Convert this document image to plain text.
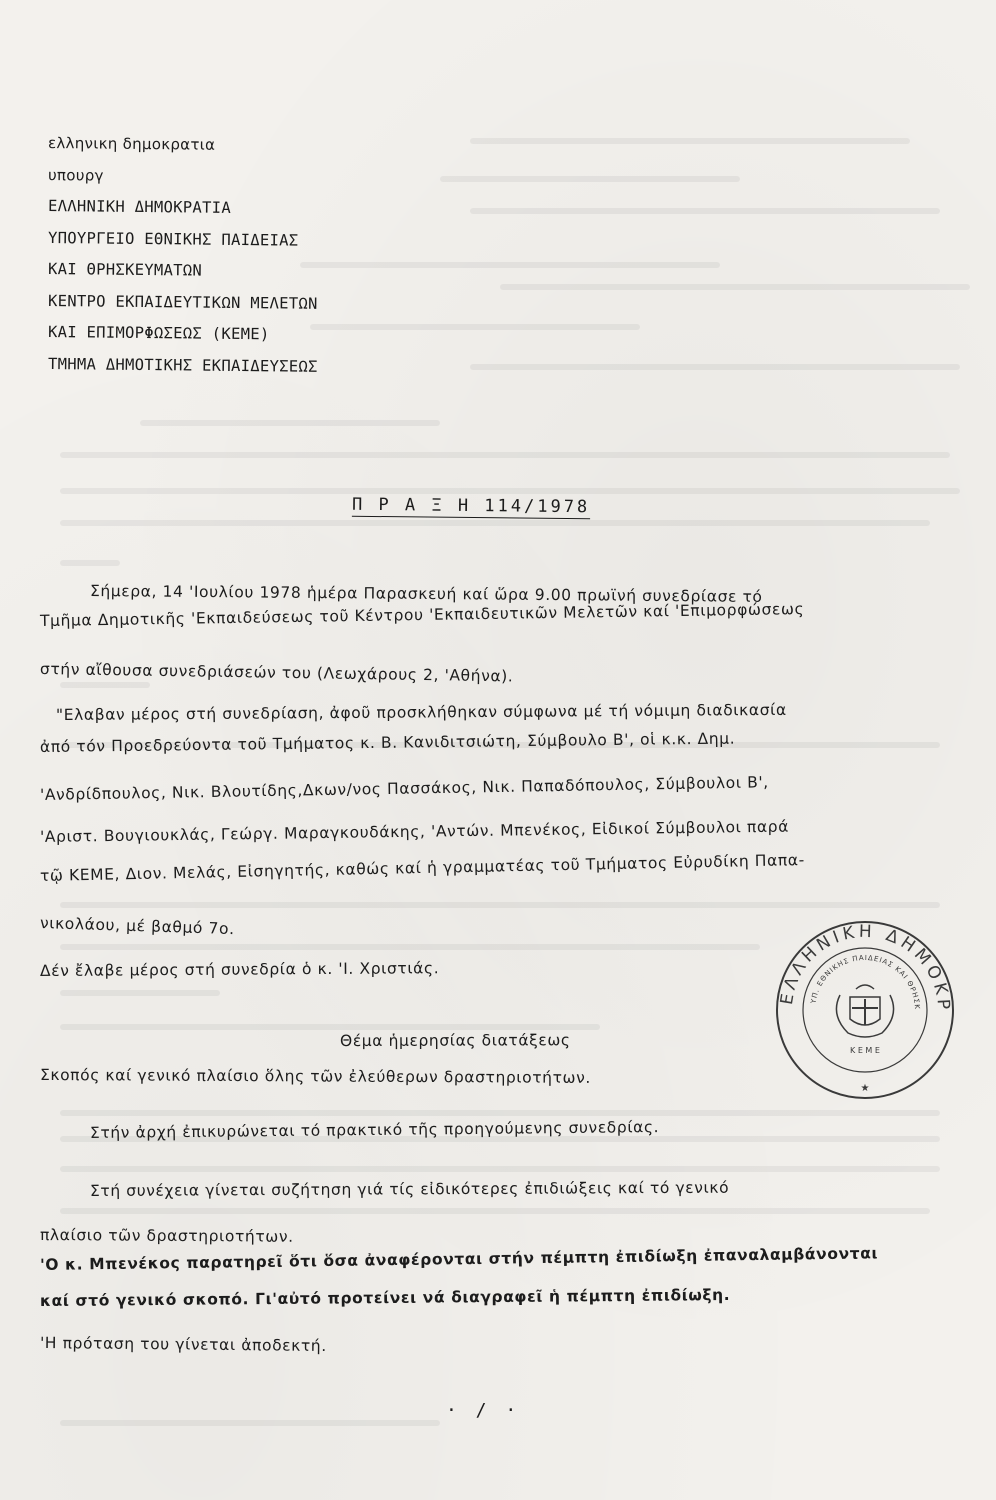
ελληνικη δημοκρατια
υπουργ
ΕΛΛΗΝΙΚΗ ΔΗΜΟΚΡΑΤΙΑ
ΥΠΟΥΡΓΕΙΟ ΕΘΝΙΚΗΣ ΠΑΙΔΕΙΑΣ
ΚΑΙ ΘΡΗΣΚΕΥΜΑΤΩΝ
ΚΕΝΤΡΟ ΕΚΠΑΙΔΕΥΤΙΚΩΝ ΜΕΛΕΤΩΝ
ΚΑΙ ΕΠΙΜΟΡΦΩΣΕΩΣ (ΚΕΜΕ)
ΤΜΗΜΑ ΔΗΜΟΤΙΚΗΣ ΕΚΠΑΙΔΕΥΣΕΩΣ
Π Ρ Α Ξ Η 114/1978
Σήμερα, 14 'Ιουλίου 1978 ἡμέρα Παρασκευή καί ὥρα 9.00 πρωϊνή συνεδρίασε τό
Τμῆμα Δημοτικῆς 'Εκπαιδεύσεως τοῦ Κέντρου 'Εκπαιδευτικῶν Μελετῶν καί 'Επιμορφώσεως
στήν αἴθουσα συνεδριάσεών του (Λεωχάρους 2, 'Αθήνα).
"Ελαβαν μέρος στή συνεδρίαση, ἀφοῦ προσκλήθηκαν σύμφωνα μέ τή νόμιμη διαδικασία
ἀπό τόν Προεδρεύοντα τοῦ Τμήματος κ. Β. Κανιδιτσιώτη, Σύμβουλο Β', οἱ κ.κ. Δημ.
'Ανδρίδπουλος, Νικ. Βλουτίδης,Δκων/νος Πασσάκος, Νικ. Παπαδόπουλος, Σύμβουλοι Β',
'Αριστ. Βουγιουκλάς, Γεώργ. Μαραγκουδάκης, 'Αντών. Μπενέκος, Εἰδικοί Σύμβουλοι παρά
τῷ ΚΕΜΕ, Διον. Μελάς, Εἰσηγητής, καθώς καί ἡ γραμματέας τοῦ Τμήματος Εὐρυδίκη Παπα-
νικολάου, μέ βαθμό 7ο.
Δέν ἔλαβε μέρος στή συνεδρία ὁ κ. 'Ι. Χριστιάς.
Θέμα ἡμερησίας διατάξεως
Σκοπός καί γενικό πλαίσιο ὅλης τῶν ἐλεύθερων δραστηριοτήτων.
Στήν ἀρχή ἐπικυρώνεται τό πρακτικό τῆς προηγούμενης συνεδρίας.
Στή συνέχεια γίνεται συζήτηση γιά τίς εἰδικότερες ἐπιδιώξεις καί τό γενικό
πλαίσιο τῶν δραστηριοτήτων.
'Ο κ. Μπενέκος παρατηρεῖ ὅτι ὅσα ἀναφέρονται στήν πέμπτη ἐπιδίωξη ἐπαναλαμβάνονται
καί στό γενικό σκοπό. Γι'αὐτό προτείνει νά διαγραφεῖ ἡ πέμπτη ἐπιδίωξη.
'Η πρόταση του γίνεται ἀποδεκτή.
ΕΛΛΗΝΙΚΗ ΔΗΜΟΚΡ
ΥΠ. ΕΘΝΙΚΗΣ ΠΑΙΔΕΙΑΣ ΚΑΙ ΘΡΗΣΚ
Κ Ε Μ Ε
★
· / ·
